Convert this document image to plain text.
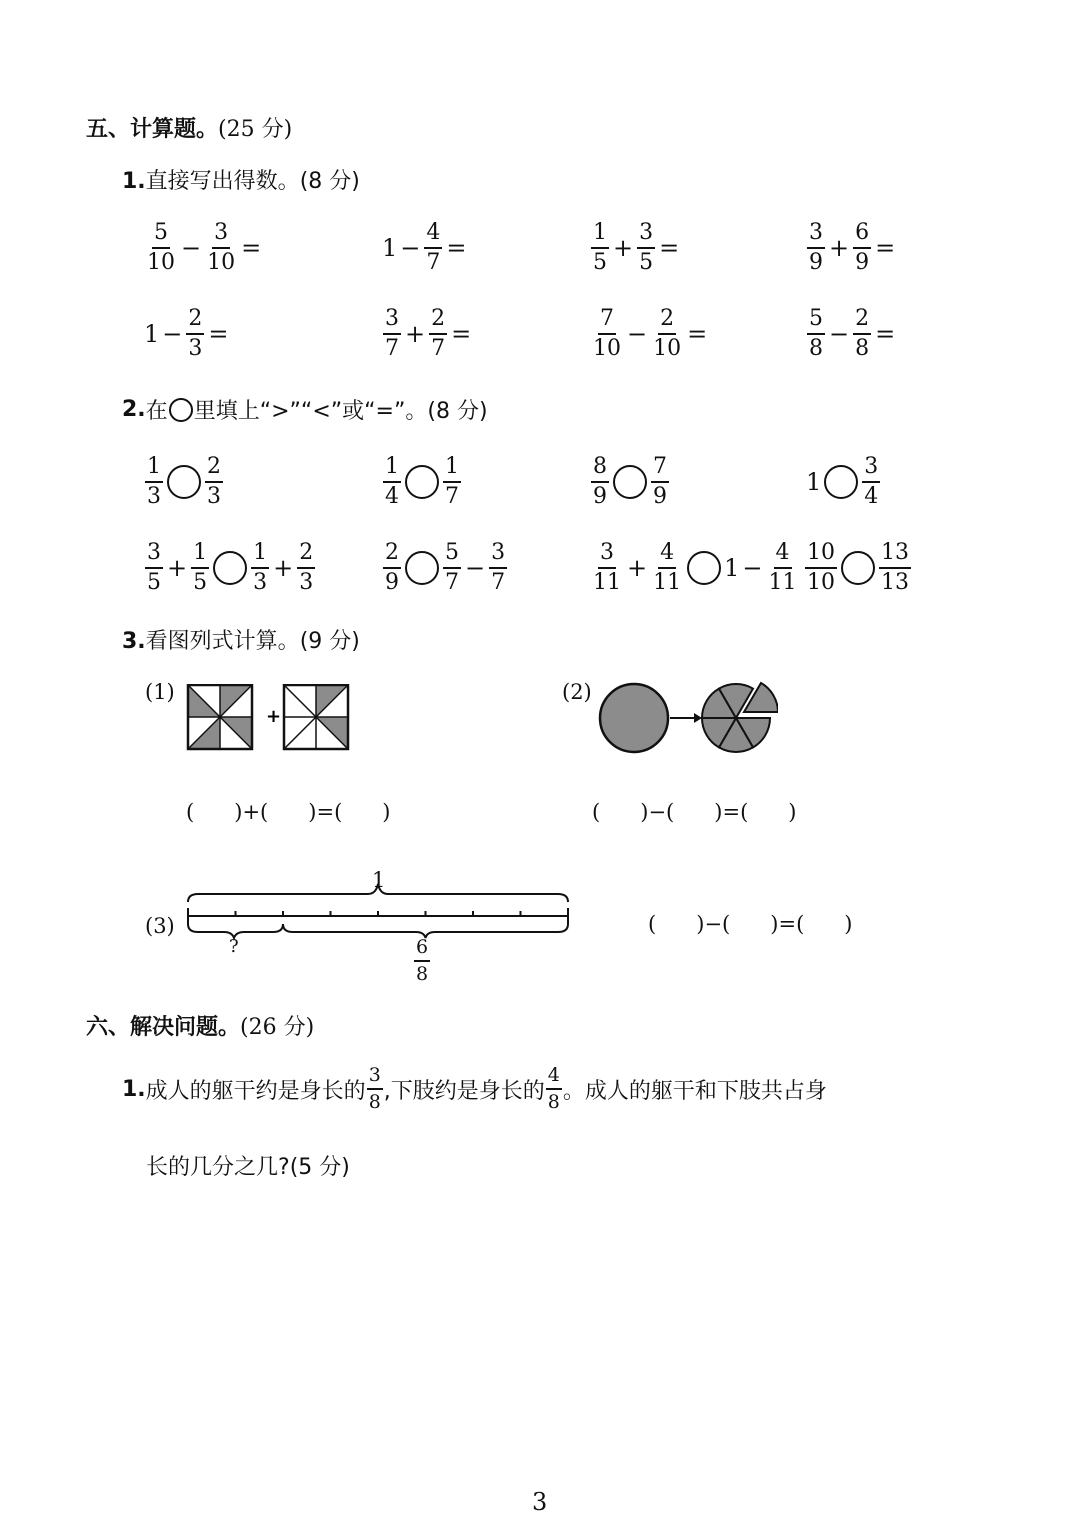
五、计算题。(25 分)
1.直接写出得数。(8 分)
$\frac{5}{10} - \frac{3}{10}$ =	$1 - \frac{4}{7}$ =	$\frac{1}{5} + \frac{3}{5}$ =	$\frac{3}{9} + \frac{6}{9}$ =
$1 - \frac{2}{3}$ =	$\frac{3}{7} + \frac{2}{7}$ =	$\frac{7}{10} - \frac{2}{10}$ =	$\frac{5}{8} - \frac{2}{8}$ =
2. 在 里填上“>”“<”或“=”。 (8 分)
$\frac{1}{3} \frac{2}{3}$	$\frac{1}{4} \frac{1}{7}$	$\frac{8}{9} \frac{7}{9}$	$1 \frac{3}{4}$
$\frac{3}{5} + \frac{1}{5} \frac{1}{3} + \frac{2}{3}$	$\frac{2}{9} \frac{5}{7} - \frac{3}{7}$	$\frac{3}{11} + \frac{4}{11} 1 - \frac{4}{11} \frac{10}{10} \frac{13}{13}$
3.看图列式计算。(9 分)
(1)
+
(      )+(      )=(      )
(2)
(      )−(      )=(      )
(3)
1
?	$\frac{6}{8}$
(      )−(      )=(      )
六、解决问题。(26 分)
1. 成人的躯干约是身长的 $\frac{3}{8}$ ,下肢约是身长的 $\frac{4}{8}$ 。成人的躯干和下肢共占身
长的几分之几?(5 分)
3
